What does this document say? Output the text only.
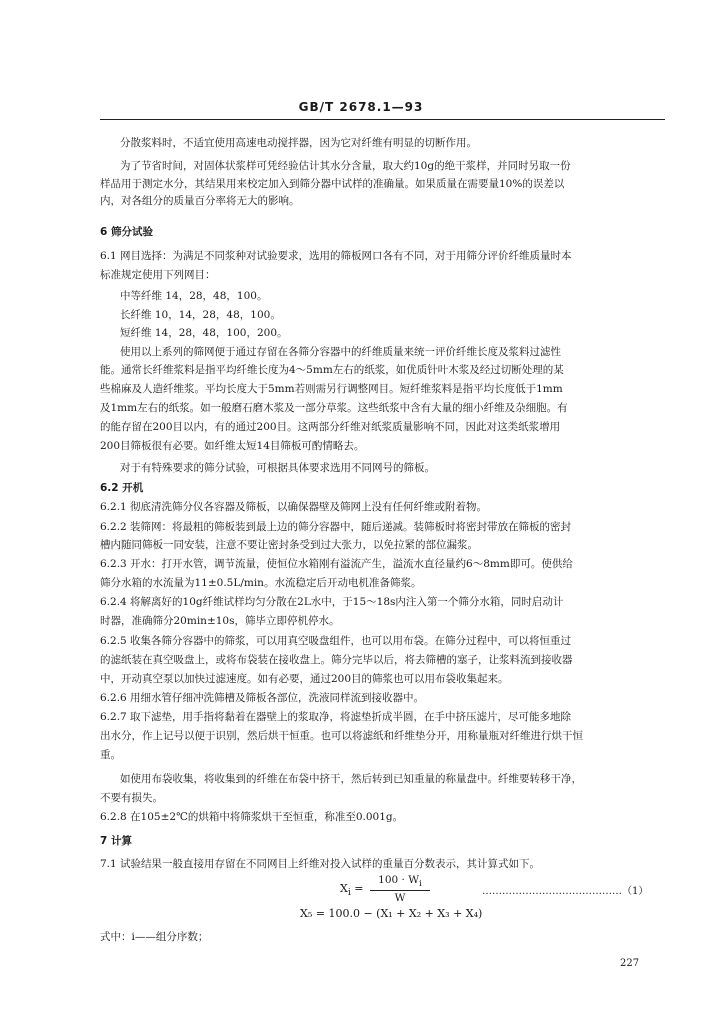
GB/T 2678.1—93
分散浆料时，不适宜使用高速电动搅拌器，因为它对纤维有明显的切断作用。
为了节省时间，对固体状浆样可凭经验估计其水分含量，取大约10g的绝干浆样，并同时另取一份
样品用于测定水分，其结果用来校定加入到筛分器中试样的准确量。如果质量在需要量10%的误差以
内，对各组分的质量百分率将无大的影响。
6 筛分试验
6.1 网目选择：为满足不同浆种对试验要求，选用的筛板网口各有不同，对于用筛分评价纤维质量时本
标准规定使用下列网目：
中等纤维 14，28，48，100。
长纤维 10，14，28，48，100。
短纤维 14，28，48，100，200。
使用以上系列的筛网便于通过存留在各筛分容器中的纤维质量来统一评价纤维长度及浆料过滤性
能。通常长纤维浆料是指平均纤维长度为4～5mm左右的纸浆，如优质针叶木浆及经过切断处理的某
些棉麻及人造纤维浆。平均长度大于5mm若则需另行调整网目。短纤维浆料是指平均长度低于1mm
及1mm左右的纸浆。如一般磨石磨木浆及一部分草浆。这些纸浆中含有大量的细小纤维及杂细胞。有
的能存留在200目以内，有的通过200目。这两部分纤维对纸浆质量影响不同，因此对这类纸浆增用
200目筛板很有必要。如纤维太短14目筛板可酌情略去。
对于有特殊要求的筛分试验，可根据具体要求选用不同网号的筛板。
6.2 开机
6.2.1 彻底清洗筛分仪各容器及筛板，以确保器壁及筛网上没有任何纤维或附着物。
6.2.2 装筛网：将最粗的筛板装到最上边的筛分容器中，随后递减。装筛板时将密封带放在筛板的密封
槽内随同筛板一同安装，注意不要让密封条受到过大张力，以免拉紧的部位漏浆。
6.2.3 开水：打开水管，调节流量，使恒位水箱刚有溢流产生，溢流水直径量约6～8mm即可。使供给
筛分水箱的水流量为11±0.5L/min。水流稳定后开动电机准备筛浆。
6.2.4 将解离好的10g纤维试样均匀分散在2L水中，于15～18s内注入第一个筛分水箱，同时启动计
时器，准确筛分20min±10s，筛毕立即停机停水。
6.2.5 收集各筛分容器中的筛浆，可以用真空吸盘组件，也可以用布袋。在筛分过程中，可以将恒重过
的滤纸装在真空吸盘上，或将布袋装在接收盘上。筛分完毕以后，将去筛槽的塞子，让浆料流到接收器
中，开动真空泵以加快过滤速度。如有必要，通过200目的筛浆也可以用布袋收集起来。
6.2.6 用细水管仔细冲洗筛槽及筛板各部位，洗液同样流到接收器中。
6.2.7 取下滤垫，用手指将黏着在器壁上的浆取净，将滤垫折成半圆，在手中挤压滤片，尽可能多地除
出水分，作上记号以便于识别，然后烘干恒重。也可以将滤纸和纤维垫分开，用称量瓶对纤维进行烘干恒
重。
如使用布袋收集，将收集到的纤维在布袋中挤干，然后转到已知重量的称量盘中。纤维要转移干净，
不要有损失。
6.2.8 在105±2℃的烘箱中将筛浆烘干至恒重，称准至0.001g。
7 计算
7.1 试验结果一般直接用存留在不同网目上纤维对投入试样的重量百分数表示，其计算式如下。
$X_i = \frac{100 \cdot W_i}{W}$	……………………………………（1）
X₅ = 100.0 − (X₁ + X₂ + X₃ + X₄)
式中：i——组分序数；
227
